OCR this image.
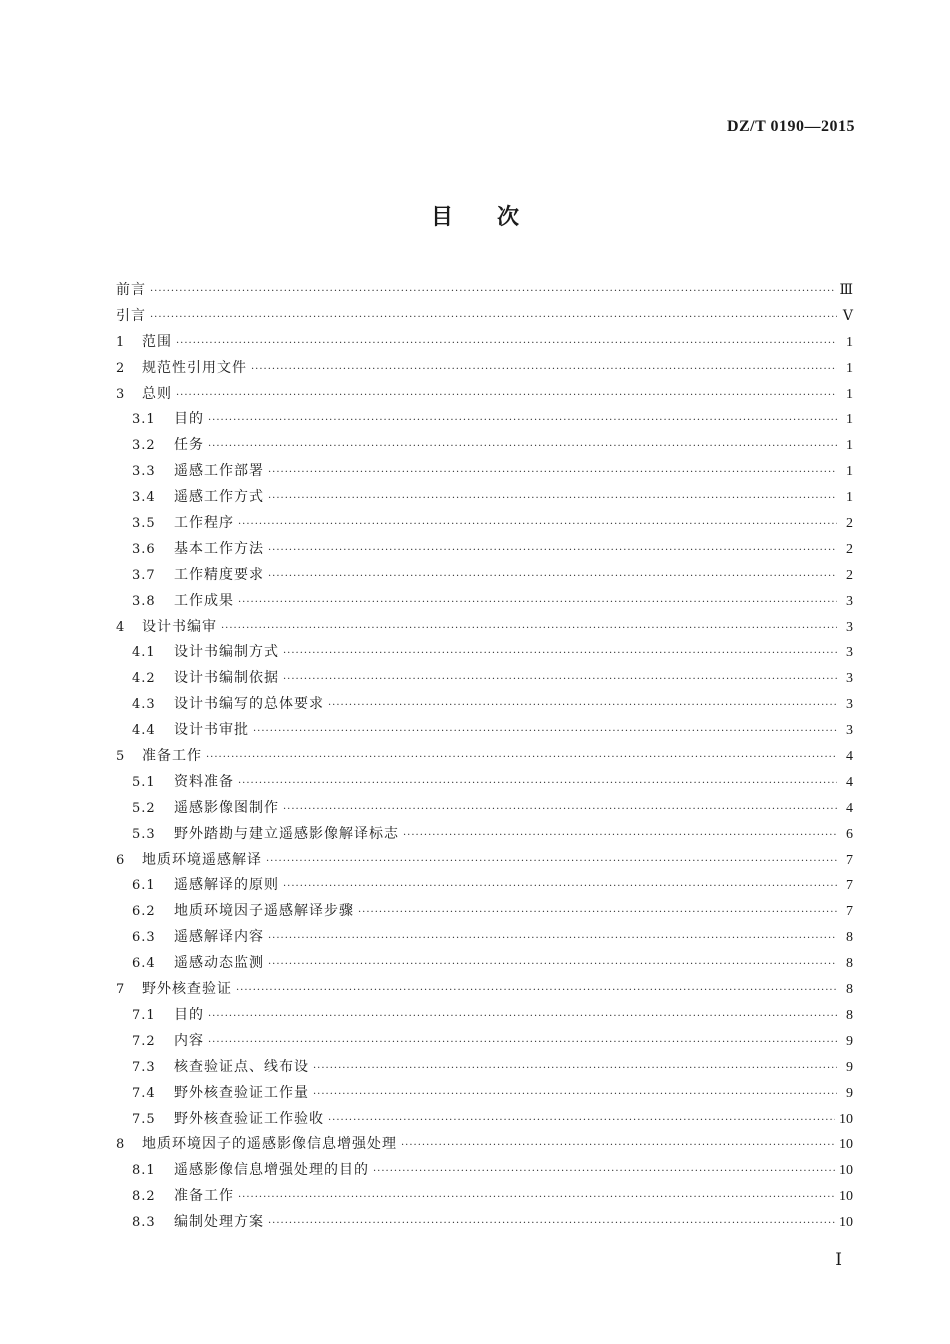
DZ/T 0190—2015
目次
前言 ·····	Ⅲ
引言 ·····	Ⅴ
1	范围 ·····	1
2	规范性引用文件 ·····	1
3	总则 ·····	1
3.1	目的 ·····	1
3.2	任务 ·····	1
3.3	遥感工作部署 ·····	1
3.4	遥感工作方式 ·····	1
3.5	工作程序 ·····	2
3.6	基本工作方法 ·····	2
3.7	工作精度要求 ·····	2
3.8	工作成果 ·····	3
4	设计书编审 ·····	3
4.1	设计书编制方式 ·····	3
4.2	设计书编制依据 ·····	3
4.3	设计书编写的总体要求 ·····	3
4.4	设计书审批 ·····	3
5	准备工作 ·····	4
5.1	资料准备 ·····	4
5.2	遥感影像图制作 ·····	4
5.3	野外踏勘与建立遥感影像解译标志 ·····	6
6	地质环境遥感解译 ·····	7
6.1	遥感解译的原则 ·····	7
6.2	地质环境因子遥感解译步骤 ·····	7
6.3	遥感解译内容 ·····	8
6.4	遥感动态监测 ·····	8
7	野外核查验证 ·····	8
7.1	目的 ·····	8
7.2	内容 ·····	9
7.3	核查验证点、线布设 ·····	9
7.4	野外核查验证工作量 ·····	9
7.5	野外核查验证工作验收 ·····	10
8	地质环境因子的遥感影像信息增强处理 ·····	10
8.1	遥感影像信息增强处理的目的 ·····	10
8.2	准备工作 ·····	10
8.3	编制处理方案 ·····	10
Ⅰ
